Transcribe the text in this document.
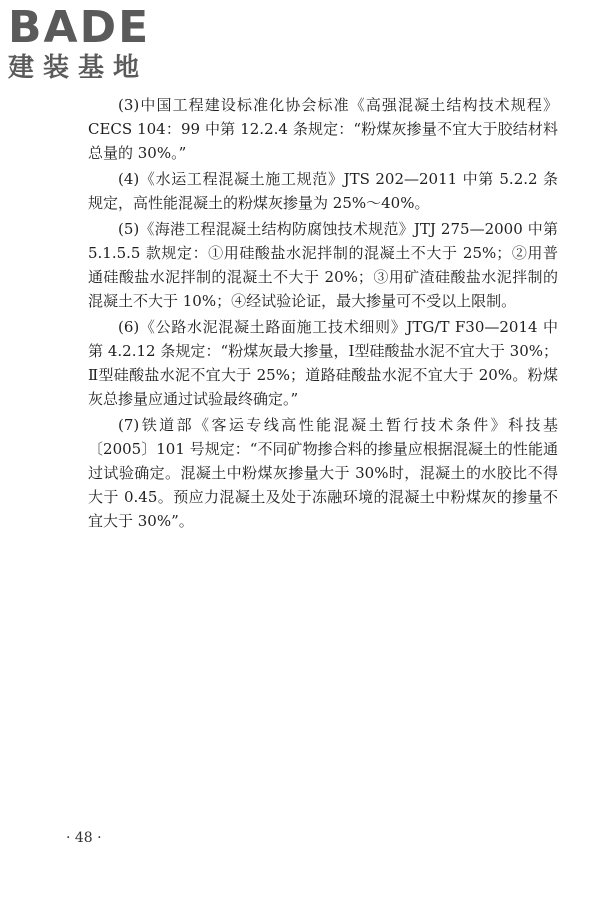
BADE
建装基地

(3)中国工程建设标准化协会标准《高强混凝土结构技术规程》CECS 104：99 中第 12.2.4 条规定：“粉煤灰掺量不宜大于胶结材料总量的 30%。”

(4)《水运工程混凝土施工规范》JTS 202—2011 中第 5.2.2 条规定，高性能混凝土的粉煤灰掺量为 25%～40%。

(5)《海港工程混凝土结构防腐蚀技术规范》JTJ 275—2000 中第 5.1.5.5 款规定：①用硅酸盐水泥拌制的混凝土不大于 25%；②用普通硅酸盐水泥拌制的混凝土不大于 20%；③用矿渣硅酸盐水泥拌制的混凝土不大于 10%；④经试验论证，最大掺量可不受以上限制。

(6)《公路水泥混凝土路面施工技术细则》JTG/T F30—2014 中第 4.2.12 条规定：“粉煤灰最大掺量，Ⅰ型硅酸盐水泥不宜大于 30%；Ⅱ型硅酸盐水泥不宜大于 25%；道路硅酸盐水泥不宜大于 20%。粉煤灰总掺量应通过试验最终确定。”

(7)铁道部《客运专线高性能混凝土暂行技术条件》科技基〔2005〕101 号规定：“不同矿物掺合料的掺量应根据混凝土的性能通过试验确定。混凝土中粉煤灰掺量大于 30%时，混凝土的水胶比不得大于 0.45。预应力混凝土及处于冻融环境的混凝土中粉煤灰的掺量不宜大于 30%”。

· 48 ·
